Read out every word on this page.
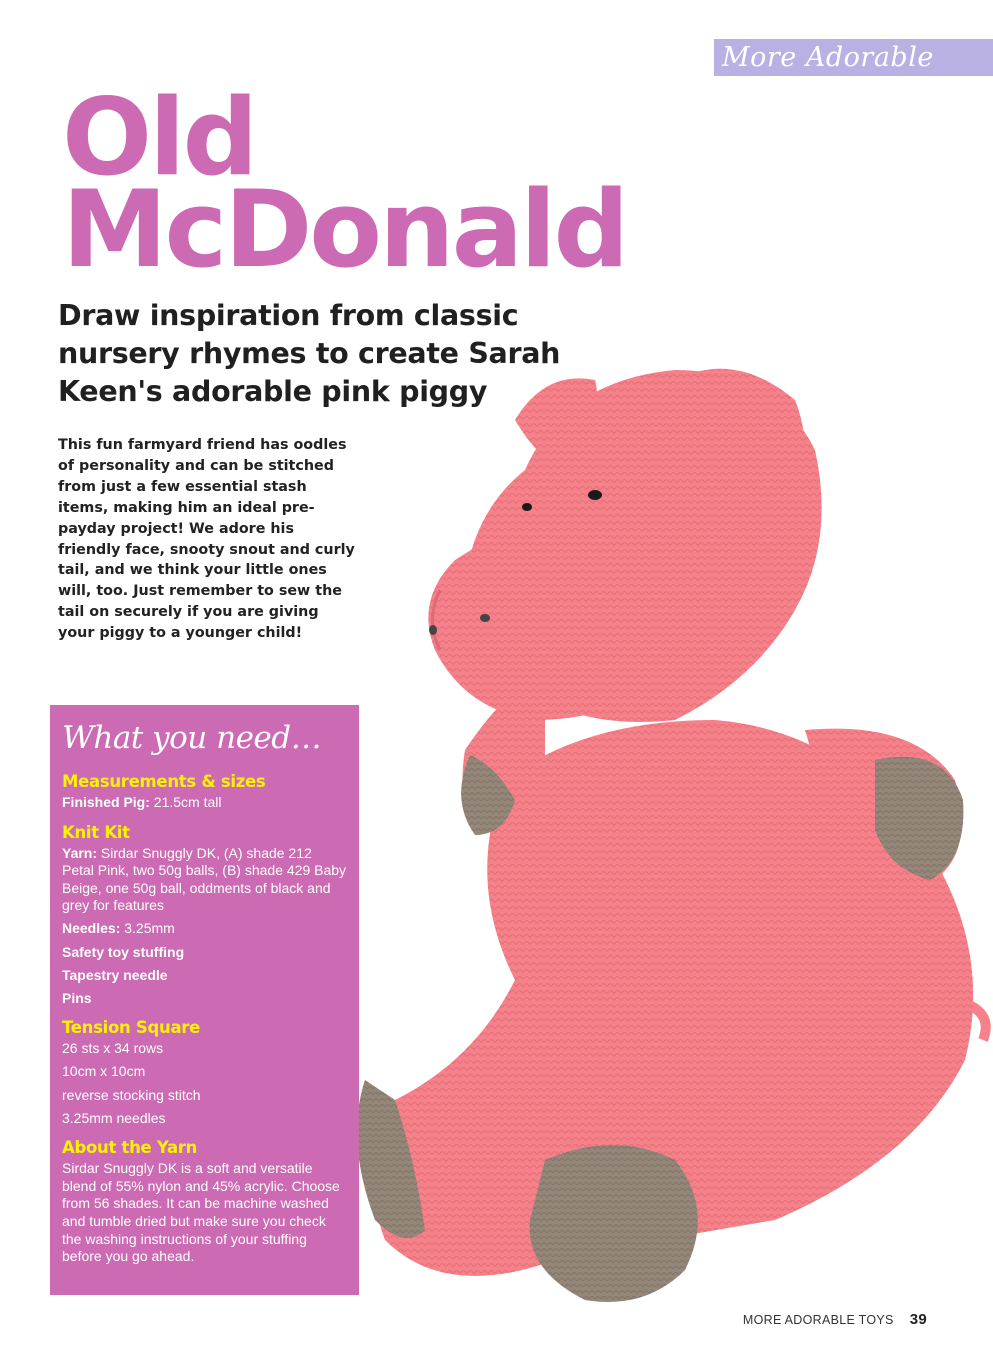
More Adorable Toys
Old
McDonald
Draw inspiration from classic nursery rhymes to create Sarah Keen's adorable pink piggy
This fun farmyard friend has oodles of personality and can be stitched from just a few essential stash items, making him an ideal pre-payday project! We adore his friendly face, snooty snout and curly tail, and we think your little ones will, too. Just remember to sew the tail on securely if you are giving your piggy to a younger child!
What you need…
Measurements & sizes

Finished Pig: 21.5cm tall

Knit Kit

Yarn: Sirdar Snuggly DK, (A) shade 212 Petal Pink, two 50g balls, (B) shade 429 Baby Beige, one 50g ball, oddments of black and grey for features

Needles: 3.25mm

Safety toy stuffing

Tapestry needle

Pins

Tension Square

26 sts x 34 rows

10cm x 10cm

reverse stocking stitch

3.25mm needles

About the Yarn

Sirdar Snuggly DK is a soft and versatile blend of 55% nylon and 45% acrylic. Choose from 56 shades. It can be machine washed and tumble dried but make sure you check the washing instructions of your stuffing before you go ahead.

MORE ADORABLE TOYS 39
